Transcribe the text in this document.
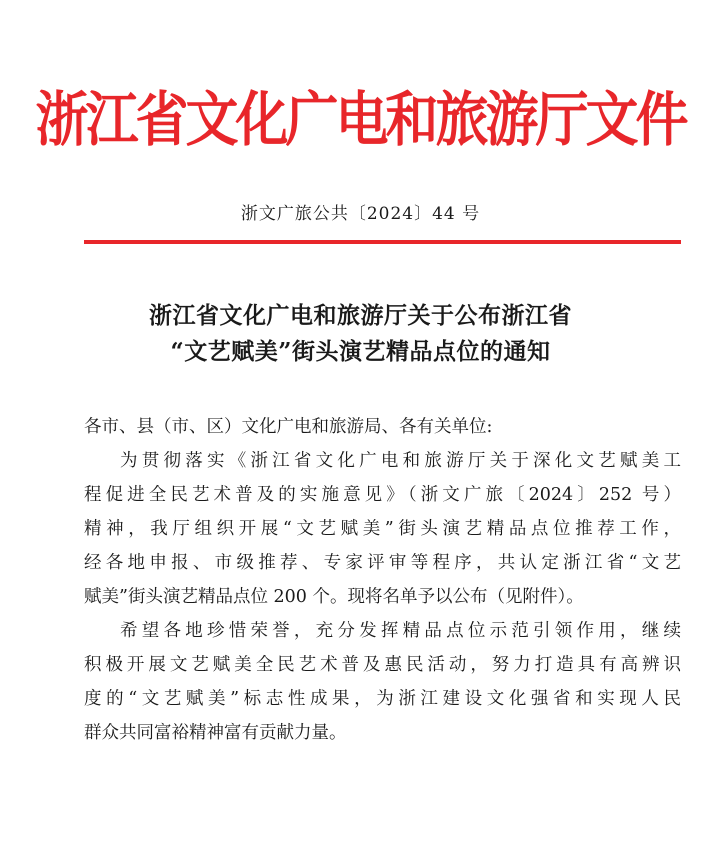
浙江省文化广电和旅游厅文件
浙文广旅公共〔2024〕44 号
浙江省文化广电和旅游厅关于公布浙江省
“文艺赋美”街头演艺精品点位的通知
各市、县（市、区）文化广电和旅游局、各有关单位:
为贯彻落实《浙江省文化广电和旅游厅关于深化文艺赋美工
程促进全民艺术普及的实施意见》（浙文广旅〔2024〕252 号）
精神，我厅组织开展“文艺赋美”街头演艺精品点位推荐工作，
经各地申报、市级推荐、专家评审等程序，共认定浙江省“文艺
赋美”街头演艺精品点位 200 个。现将名单予以公布（见附件）。
希望各地珍惜荣誉，充分发挥精品点位示范引领作用，继续
积极开展文艺赋美全民艺术普及惠民活动，努力打造具有高辨识
度的“文艺赋美”标志性成果，为浙江建设文化强省和实现人民
群众共同富裕精神富有贡献力量。
